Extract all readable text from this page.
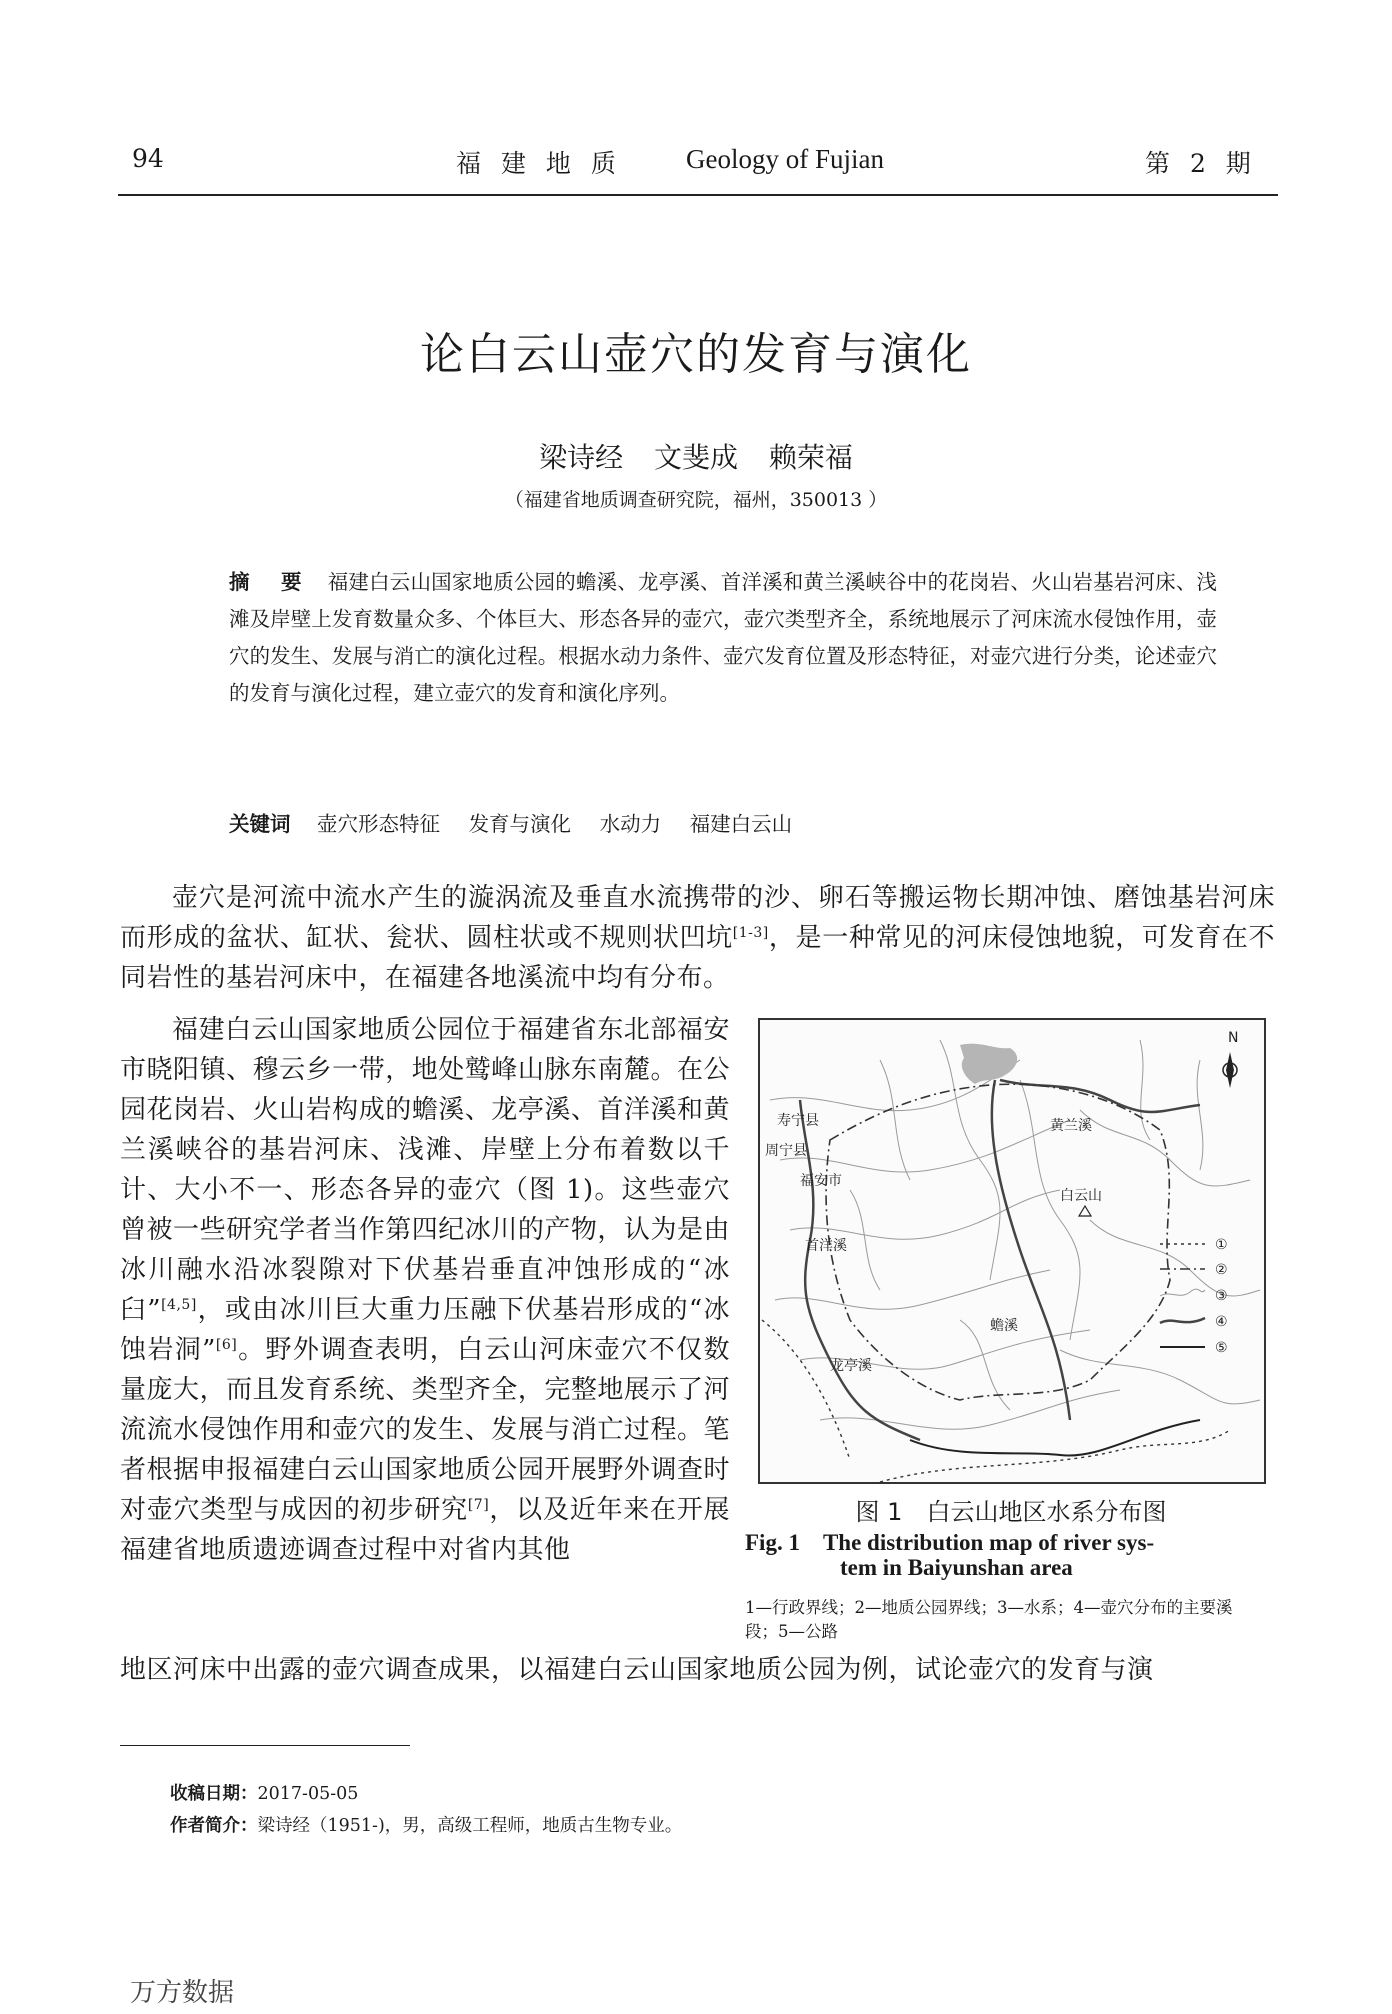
94	福 建 地 质 Geology of Fujian	第 2 期
论白云山壶穴的发育与演化
梁诗经 文斐成 赖荣福
（福建省地质调查研究院，福州，350013 ）
摘 要 福建白云山国家地质公园的蟾溪、龙亭溪、首洋溪和黄兰溪峡谷中的花岗岩、火山岩基岩河床、浅滩及岸壁上发育数量众多、个体巨大、形态各异的壶穴，壶穴类型齐全，系统地展示了河床流水侵蚀作用，壶穴的发生、发展与消亡的演化过程。根据水动力条件、壶穴发育位置及形态特征，对壶穴进行分类，论述壶穴的发育与演化过程，建立壶穴的发育和演化序列。
关键词 壶穴形态特征 发育与演化 水动力 福建白云山
壶穴是河流中流水产生的漩涡流及垂直水流携带的沙、卵石等搬运物长期冲蚀、磨蚀基岩河床而形成的盆状、缸状、瓮状、圆柱状或不规则状凹坑[1-3]，是一种常见的河床侵蚀地貌，可发育在不同岩性的基岩河床中，在福建各地溪流中均有分布。
福建白云山国家地质公园位于福建省东北部福安市晓阳镇、穆云乡一带，地处鹫峰山脉东南麓。在公园花岗岩、火山岩构成的蟾溪、龙亭溪、首洋溪和黄兰溪峡谷的基岩河床、浅滩、岸壁上分布着数以千计、大小不一、形态各异的壶穴（图 1)。这些壶穴曾被一些研究学者当作第四纪冰川的产物，认为是由冰川融水沿冰裂隙对下伏基岩垂直冲蚀形成的“冰臼”[4,5]，或由冰川巨大重力压融下伏基岩形成的“冰蚀岩洞”[6]。野外调查表明，白云山河床壶穴不仅数量庞大，而且发育系统、类型齐全，完整地展示了河流流水侵蚀作用和壶穴的发生、发展与消亡过程。笔者根据申报福建白云山国家地质公园开展野外调查时对壶穴类型与成因的初步研究[7]，以及近年来在开展福建省地质遗迹调查过程中对省内其他
地区河床中出露的壶穴调查成果，以福建白云山国家地质公园为例，试论壶穴的发育与演
N
寿宁县
周宁县
福安市
首洋溪
龙亭溪
蟾溪
黄兰溪
白云山
①
②
③
④
⑤
图 1　白云山地区水系分布图
Fig. 1　The distribution map of river sys-
tem in Baiyunshan area
1—行政界线；2—地质公园界线；3—水系；4—壶穴分布的主要溪段；5—公路
收稿日期：2017-05-05
作者简介：梁诗经（1951-)，男，高级工程师，地质古生物专业。
万方数据
